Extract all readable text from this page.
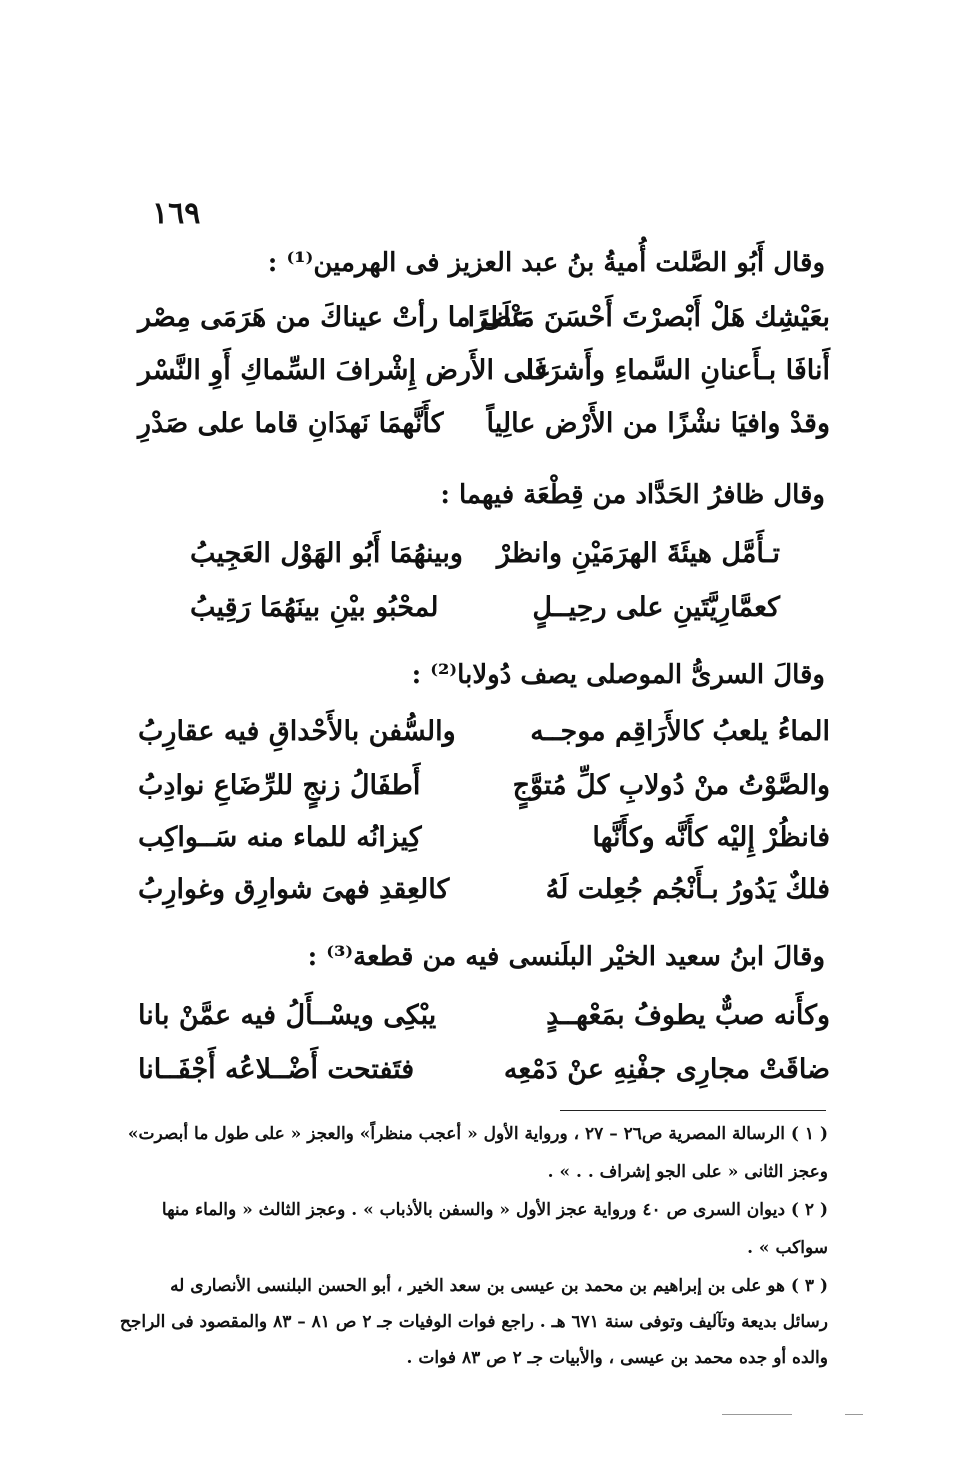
١٦٩
وقال أَبُو الصَّلت أُميةُ بنُ عبد العزيز فى الهرمين⁽¹⁾ :
بعَيْشِك هَلْ أَبْصرْتَ أَحْسَنَ مَنْظرًا
علَى ما رأتْ عيناكَ من هَرَمَى مِصْر
أَنافَا بـأَعنانِ السَّماءِ وأَشرَفَا
على الأَرض إِشْرافَ السِّماكِ أَوِ النَّسْر
وقدْ وافيَا نشْزًا من الأَرْض عالِياً
كأَنَّهمَا نَهدَانِ قاما على صَدْرِ
وقال ظافرُ الحَدَّاد من قِطْعَة فيهما :
تـأَمَّل هيئَةَ الهرَمَيْنِ وانظرْ
وبينهُمَا أَبُو الهَوْل العَجِيبُ
كعمَّارِيَّتَينِ على رحِيــلٍ
لمحْبُو بيْنِ بينَهُمَا رَقِيبُ
وقالَ السرىُّ الموصلى يصف دُولابا⁽²⁾ :
الماءُ يلعبُ كالأَرَاقِم موجــه
والسُّفن بالأَحْداقِ فيه عقارِبُ
والصَّوْتُ منْ دُولابِ كلِّ مُتوَّجٍ
أَطفَالُ زنجٍ للرِّضَاعِ نوادِبُ
فانظُرْ إِليْه كأَنَّه وكأَنَّها
كِيزانُه للماء منه سَــواكِب
فلكٌ يَدُورُ بـأَنْجُم جُعِلت لَهُ
كالعِقدِ فهىَ شوارِق وغوارِبُ
وقالَ ابنُ سعيد الخيْر البلَنسى فيه من قطعة⁽³⁾ :
وكأَنه صبٌّ يطوفُ بمَعْهــدٍ
يبْكِى ويسْــأَلُ فيه عمَّنْ بانا
ضاقَتْ مجارِى جفْنِهِ عنْ دَمْعِه
فتَفتحت أَضْــلاعُه أَجْفَــانا
( ١ ) الرسالة المصرية ص٢٦ – ٢٧ ، ورواية الأول « أعجب منظراً» والعجز « على طول ما أبصرت»
وعجز الثانى « على الجو إشراف . . » .
( ٢ ) ديوان السرى ص ٤٠ ورواية عجز الأول « والسفن بالأذباب » . وعجز الثالث « والماء منها
سواكب » .
( ٣ ) هو على بن إبراهيم بن محمد بن عيسى بن سعد الخير ، أبو الحسن البلنسى الأنصارى له
رسائل بديعة وتآليف وتوفى سنة ٦٧١ هـ . راجع فوات الوفيات جـ ٢ ص ٨١ – ٨٣ والمقصود فى الراجح
والده أو جده محمد بن عيسى ، والأبيات جـ ٢ ص ٨٣ فوات .
